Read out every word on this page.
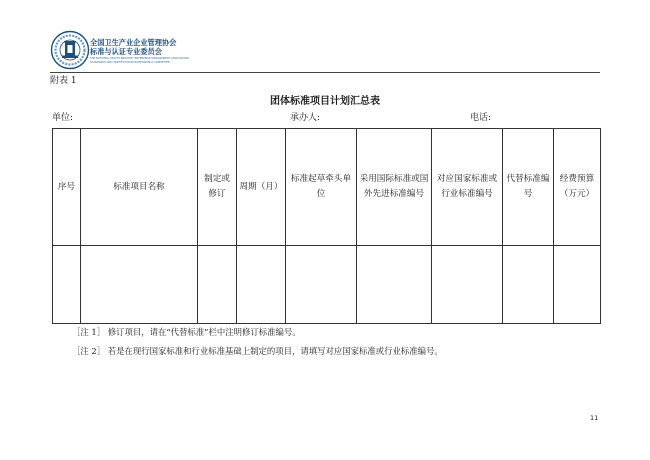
全国卫生产业企业管理协会
标准与认证专业委员会
THE NATIONAL HEALTH INDUSTRY ENTERPRISE MANAGEMENT ASSOCIATION
STANDARDS AND CERTIFICATION PROFESSIONAL COMMITTEE
附表 1
团体标准项目计划汇总表
单位:	承办人:	电话:
序号	标准项目名称	制定或修订	周期（月）	标准起草牵头单位	采用国际标准或国外先进标准编号	对应国家标准或行业标准编号	代替标准编号	经费预算（万元）

［注 1］ 修订项目，请在“代替标准”栏中注明修订标准编号。
［注 2］ 若是在现行国家标准和行业标准基础上制定的项目，请填写对应国家标准或行业标准编号。
11
